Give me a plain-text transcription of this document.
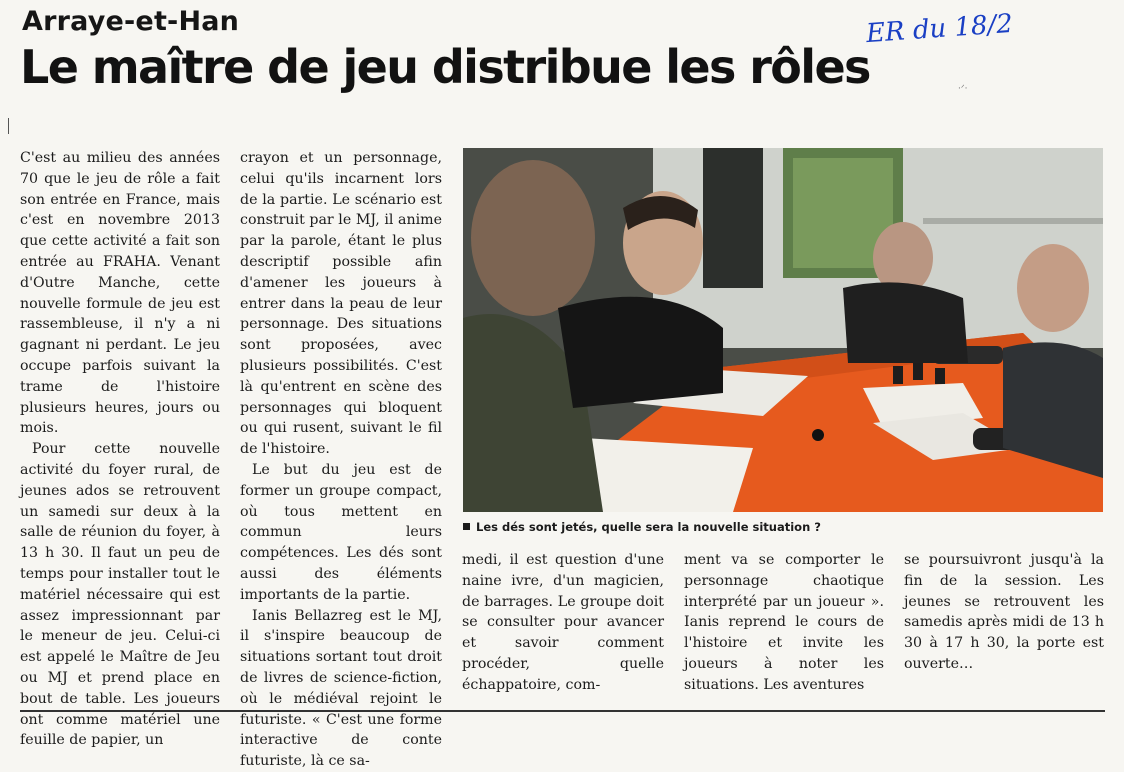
Arraye-et-Han
Le maître de jeu distribue les rôles
ER du 18/2
·ᐟ·

C'est au milieu des années 70 que le jeu de rôle a fait son entrée en France, mais c'est en novembre 2013 que cette activité a fait son entrée au FRAHA. Venant d'Outre Manche, cette nouvelle formule de jeu est rassembleuse, il n'y a ni gagnant ni perdant. Le jeu occupe parfois suivant la trame de l'histoire plusieurs heures, jours ou mois.

Pour cette nouvelle activité du foyer rural, de jeunes ados se retrouvent un samedi sur deux à la salle de réunion du foyer, à 13 h 30. Il faut un peu de temps pour installer tout le matériel nécessaire qui est assez impressionnant par le meneur de jeu. Celui-ci est appelé le Maître de Jeu ou MJ et prend place en bout de table. Les joueurs ont comme matériel une feuille de papier, un

crayon et un personnage, celui qu'ils incarnent lors de la partie. Le scénario est construit par le MJ, il anime par la parole, étant le plus descriptif possible afin d'amener les joueurs à entrer dans la peau de leur personnage. Des situations sont proposées, avec plusieurs possibilités. C'est là qu'entrent en scène des personnages qui bloquent ou qui rusent, suivant le fil de l'histoire.

Le but du jeu est de former un groupe compact, où tous mettent en commun leurs compétences. Les dés sont aussi des éléments importants de la partie.

Ianis Bellazreg est le MJ, il s'inspire beaucoup de situations sortant tout droit de livres de science-fiction, où le médiéval rejoint le futuriste. « C'est une forme interactive de conte futuriste, là ce sa-

Les dés sont jetés, quelle sera la nouvelle situation ?

medi, il est question d'une naine ivre, d'un magicien, de barrages. Le groupe doit se consulter pour avancer et savoir comment procéder, quelle échappatoire, com-

ment va se comporter le personnage chaotique interprété par un joueur ». Ianis reprend le cours de l'histoire et invite les joueurs à noter les situations. Les aventures

se poursuivront jusqu'à la fin de la session. Les jeunes se retrouvent les samedis après midi de 13 h 30 à 17 h 30, la porte est ouverte…
